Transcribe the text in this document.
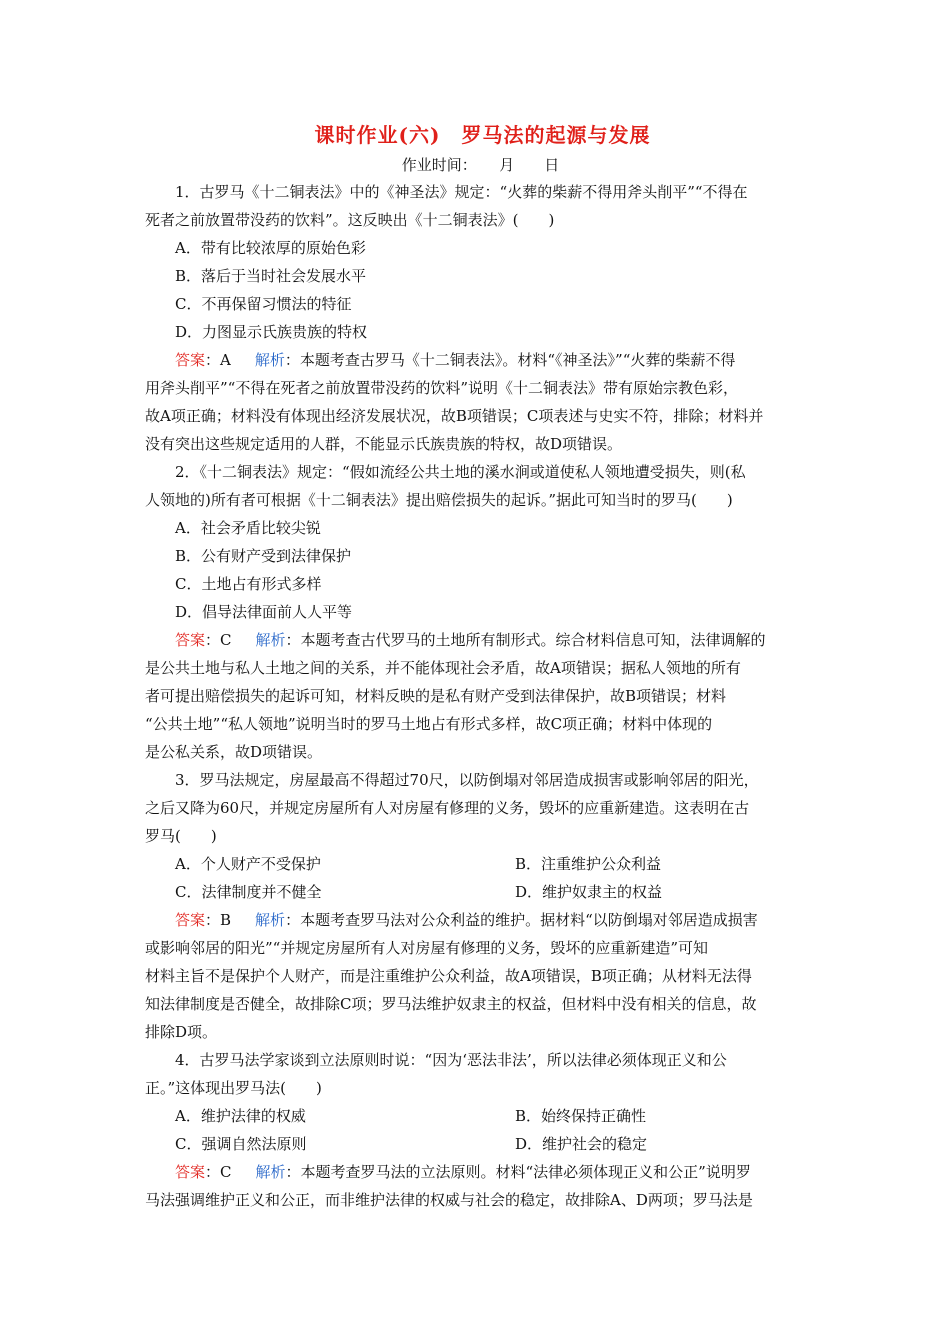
课时作业(六)　罗马法的起源与发展
作业时间：　　月　　日

1．古罗马《十二铜表法》中的《神圣法》规定：“火葬的柴薪不得用斧头削平”“不得在

死者之前放置带没药的饮料”。这反映出《十二铜表法》(　　)

A．带有比较浓厚的原始色彩

B．落后于当时社会发展水平

C．不再保留习惯法的特征

D．力图显示氏族贵族的特权

答案：A 解析：本题考查古罗马《十二铜表法》。材料“《神圣法》”“火葬的柴薪不得

用斧头削平”“不得在死者之前放置带没药的饮料”说明《十二铜表法》带有原始宗教色彩，

故A项正确；材料没有体现出经济发展状况，故B项错误；C项表述与史实不符，排除；材料并

没有突出这些规定适用的人群，不能显示氏族贵族的特权，故D项错误。

2．《十二铜表法》规定：“假如流经公共土地的溪水涧或道使私人领地遭受损失，则(私

人领地的)所有者可根据《十二铜表法》提出赔偿损失的起诉。”据此可知当时的罗马(　　)

A．社会矛盾比较尖锐

B．公有财产受到法律保护

C．土地占有形式多样

D．倡导法律面前人人平等

答案：C 解析：本题考查古代罗马的土地所有制形式。综合材料信息可知，法律调解的

是公共土地与私人土地之间的关系，并不能体现社会矛盾，故A项错误；据私人领地的所有

者可提出赔偿损失的起诉可知，材料反映的是私有财产受到法律保护，故B项错误；材料

“公共土地”“私人领地”说明当时的罗马土地占有形式多样，故C项正确；材料中体现的

是公私关系，故D项错误。

3．罗马法规定，房屋最高不得超过70尺，以防倒塌对邻居造成损害或影响邻居的阳光，

之后又降为60尺，并规定房屋所有人对房屋有修理的义务，毁坏的应重新建造。这表明在古

罗马(　　)

A．个人财产不受保护	B．注重维护公众利益
C．法律制度并不健全	D．维护奴隶主的权益

答案：B 解析：本题考查罗马法对公众利益的维护。据材料“以防倒塌对邻居造成损害

或影响邻居的阳光”“并规定房屋所有人对房屋有修理的义务，毁坏的应重新建造”可知

材料主旨不是保护个人财产，而是注重维护公众利益，故A项错误，B项正确；从材料无法得

知法律制度是否健全，故排除C项；罗马法维护奴隶主的权益，但材料中没有相关的信息，故

排除D项。

4．古罗马法学家谈到立法原则时说：“因为‘恶法非法’，所以法律必须体现正义和公

正。”这体现出罗马法(　　)

A．维护法律的权威	B．始终保持正确性
C．强调自然法原则	D．维护社会的稳定

答案：C 解析：本题考查罗马法的立法原则。材料“法律必须体现正义和公正”说明罗

马法强调维护正义和公正，而非维护法律的权威与社会的稳定，故排除A、D两项；罗马法是
